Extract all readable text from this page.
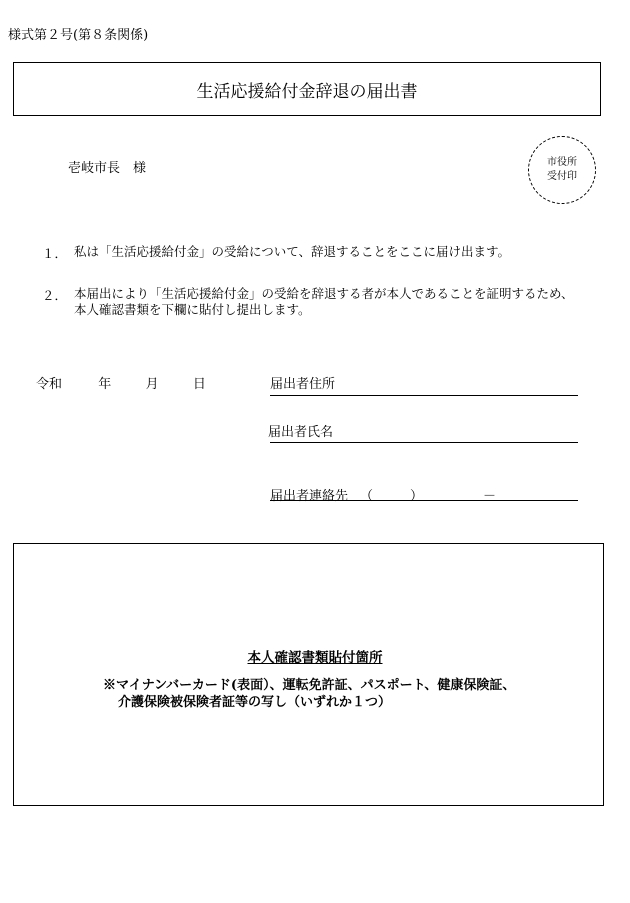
様式第２号(第８条関係)
生活応援給付金辞退の届出書
壱岐市長　様	市役所
受付印
１． 私は「生活応援給付金」の受給について、辞退することをここに届け出ます。
２． 本届出により「生活応援給付金」の受給を辞退する者が本人であることを証明するため、本人確認書類を下欄に貼付し提出します。
令和	年	月	日	届出者住所
届出者氏名
届出者連絡先 （	）	－
本人確認書類貼付箇所
※マイナンバーカード(表面）、運転免許証、パスポート、健康保険証、
介護保険被保険者証等の写し（いずれか１つ）
